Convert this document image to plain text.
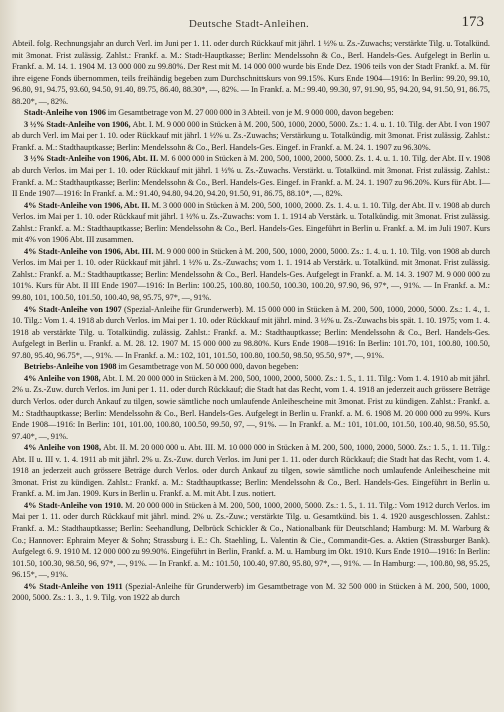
Deutsche Stadt-Anleihen.	173

Abteil. folg. Rechnungsjahr an durch Verl. im Juni per 1. 11. oder durch Rückkauf mit jährl. 1 ½% u. Zs.-Zuwachs; verstärkte Tilg. u. Totalkünd. mit 3monat. Frist zulässig. Zahlst.: Frankf. a. M.: Stadt-Hauptkasse; Berlin: Mendelssohn & Co., Berl. Handels-Ges. Aufgelegt in Berlin u. Frankf. a. M. 14. 1. 1904 M. 13 000 000 zu 99.80%. Der Rest mit M. 14 000 000 wurde bis Ende Dez. 1906 teils von der Stadt Frankf. a. M. für ihre eigene Fonds übernommen, teils freihändig begeben zum Durchschnittskurs von 99.15%. Kurs Ende 1904—1916: In Berlin: 99.20, 99.10, 96.80, 91, 94.75, 93.60, 94.50, 91.40, 89.75, 86.40, 88.30*, —, 82%. — In Frankf. a. M.: 99.40, 99.30, 97, 91.90, 95, 94.20, 94, 91.50, 91, 86.75, 88.20*, —, 82%.

Stadt-Anleihe von 1906 im Gesamtbetrage von M. 27 000 000 in 3 Abteil. von je M. 9 000 000, davon begeben:

3 ½% Stadt-Anleihe von 1906, Abt. I. M. 9 000 000 in Stücken à M. 200, 500, 1000, 2000, 5000. Zs.: 1. 4. u. 1. 10. Tilg. der Abt. I von 1907 ab durch Verl. im Mai per 1. 10. oder Rückkauf mit jährl. 1 ½% u. Zs.-Zuwachs; Verstärkung u. Totalkündig. mit 3monat. Frist zulässig. Zahlst.: Frankf. a. M.: Stadthauptkasse; Berlin: Mendelssohn & Co., Berl. Handels-Ges. Eingef. in Frankf. a. M. 24. 1. 1907 zu 96.30%.

3 ½% Stadt-Anleihe von 1906, Abt. II. M. 6 000 000 in Stücken à M. 200, 500, 1000, 2000, 5000. Zs. 1. 4. u. 1. 10. Tilg. der Abt. II v. 1908 ab durch Verlos. im Mai per 1. 10. oder Rückkauf mit jährl. 1 ½% u. Zs.-Zuwachs. Verstärkt. u. Totalkünd. mit 3monat. Frist zulässig. Zahlst.: Frankf. a. M.: Stadthauptkasse; Berlin: Mendelssohn & Co., Berl. Handels-Ges. Eingef. in Frankf. a. M. 24. 1. 1907 zu 96.20%. Kurs für Abt. I—II Ende 1907—1916: In Frankf. a. M.: 91.40, 94.80, 94.20, 94.20, 91.50, 91, 86.75, 88.10*, —, 82%.

4% Stadt-Anleihe von 1906, Abt. II. M. 3 000 000 in Stücken à M. 200, 500, 1000, 2000. Zs. 1. 4. u. 1. 10. Tilg. der Abt. II v. 1908 ab durch Verlos. im Mai per 1. 10. oder Rückkauf mit jährl. 1 ½% u. Zs.-Zuwachs: vom 1. 1. 1914 ab Verstärk. u. Totalkündig. mit 3monat. Frist zulässig. Zahlst.: Frankf. a. M.: Stadthauptkasse; Berlin: Mendelssohn & Co., Berl. Handels-Ges. Eingeführt in Berlin u. Frankf. a. M. im Juli 1907. Kurs mit 4% von 1906 Abt. III zusammen.

4% Stadt-Anleihe von 1906, Abt. III. M. 9 000 000 in Stücken à M. 200, 500, 1000, 2000, 5000. Zs.: 1. 4. u. 1. 10. Tilg. von 1908 ab durch Verlos. im Mai per 1. 10. oder Rückkauf mit jährl. 1 ½% u. Zs.-Zuwachs; vom 1. 1. 1914 ab Verstärk. u. Totalkünd. mit 3monat. Frist zulässig. Zahlst.: Frankf. a. M.: Stadthauptkasse; Berlin: Mendelssohn & Co., Berl. Handels-Ges. Aufgelegt in Frankf. a. M. 14. 3. 1907 M. 9 000 000 zu 101%. Kurs für Abt. II III Ende 1907—1916: In Berlin: 100.25, 100.80, 100.50, 100.30, 100.20, 97.90, 96, 97*, —, 91%. — In Frankf. a. M.: 99.80, 101, 100.50, 101.50, 100.40, 98, 95.75, 97*, —, 91%.

4% Stadt-Anleihe von 1907 (Spezial-Anleihe für Grunderwerb). M. 15 000 000 in Stücken à M. 200, 500, 1000, 2000, 5000. Zs.: 1. 4., 1. 10. Tilg.: Vom 1. 4. 1918 ab durch Verlos. im Mai per 1. 10. oder Rückkauf mit jährl. mind. 3 ½% u. Zs.-Zuwachs bis spät. 1. 10. 1975; vom 1. 4. 1918 ab verstärkte Tilg. u. Totalkündig. zulässig. Zahlst.: Frankf. a. M.: Stadthauptkasse; Berlin: Mendelssohn & Co., Berl. Handels-Ges. Aufgelegt in Berlin u. Frankf. a. M. 28. 12. 1907 M. 15 000 000 zu 98.80%. Kurs Ende 1908—1916: In Berlin: 101.70, 101, 100.80, 100.50, 97.80, 95.40, 96.75*, —, 91%. — In Frankf. a. M.: 102, 101, 101.50, 100.80, 100.50, 98.50, 95.50, 97*, —, 91%.

Betriebs-Anleihe von 1908 im Gesamtbetrage von M. 50 000 000, davon begeben:

4% Anleihe von 1908, Abt. I. M. 20 000 000 in Stücken à M. 200, 500, 1000, 2000, 5000. Zs.: 1. 5., 1. 11. Tilg.: Vom 1. 4. 1910 ab mit jährl. 2% u. Zs.-Zuw. durch Verlos. im Juni per 1. 11. oder durch Rückkauf; die Stadt hat das Recht, vom 1. 4. 1918 an jederzeit auch grössere Beträge durch Verlos. oder durch Ankauf zu tilgen, sowie sämtliche noch umlaufende Anleihescheine mit 3monat. Frist zu kündigen. Zahlst.: Frankf. a. M.: Stadthauptkasse; Berlin: Mendelssohn & Co., Berl. Handels-Ges. Aufgelegt in Berlin u. Frankf. a. M. 6. 1908 M. 20 000 000 zu 99%. Kurs Ende 1908—1916: In Berlin: 101, 101.00, 100.80, 100.50, 99.50, 97, —, 91%. — In Frankf. a. M.: 101, 101.00, 101.50, 100.40, 98.50, 95.50, 97.40*, —, 91%.

4% Anleihe von 1908, Abt. II. M. 20 000 000 u. Abt. III. M. 10 000 000 in Stücken à M. 200, 500, 1000, 2000, 5000. Zs.: 1. 5., 1. 11. Tilg.: Abt. II u. III v. 1. 4. 1911 ab mit jährl. 2% u. Zs.-Zuw. durch Verlos. im Juni per 1. 11. oder durch Rückkauf; die Stadt hat das Recht, vom 1. 4. 1918 an jederzeit auch grössere Beträge durch Verlos. oder durch Ankauf zu tilgen, sowie sämtliche noch umlaufende Anleihescheine mit 3monat. Frist zu kündigen. Zahlst.: Frankf. a. M.: Stadthauptkasse; Berlin: Mendelssohn & Co., Berl. Handels-Ges. Eingeführt in Berlin u. Frankf. a. M. im Jan. 1909. Kurs in Berlin u. Frankf. a. M. mit Abt. I zus. notiert.

4% Stadt-Anleihe von 1910. M. 20 000 000 in Stücken à M. 200, 500, 1000, 2000, 5000. Zs.: 1. 5., 1. 11. Tilg.: Vom 1912 durch Verlos. im Mai per 1. 11. oder durch Rückkauf mit jährl. mind. 2% u. Zs.-Zuw.; verstärkte Tilg. u. Gesamtkünd. bis 1. 4. 1920 ausgeschlossen. Zahlst.: Frankf. a. M.: Stadthauptkasse; Berlin: Seehandlung, Delbrück Schickler & Co., Nationalbank für Deutschland; Hamburg: M. M. Warburg & Co.; Hannover: Ephraim Meyer & Sohn; Strassburg i. E.: Ch. Staehling, L. Valentin & Cie., Commandit-Ges. a. Aktien (Strassburger Bank). Aufgelegt 6. 9. 1910 M. 12 000 000 zu 99.90%. Eingeführt in Berlin, Frankf. a. M. u. Hamburg im Okt. 1910. Kurs Ende 1910—1916: In Berlin: 101.50, 100.30, 98.50, 96, 97*, —, 91%. — In Frankf. a. M.: 101.50, 100.40, 97.80, 95.80, 97*, —, 91%. — In Hamburg: —, 100.80, 98, 95.25, 96.15*, —, 91%.

4% Stadt-Anleihe von 1911 (Spezial-Anleihe für Grunderwerb) im Gesamtbetrage von M. 32 500 000 in Stücken à M. 200, 500, 1000, 2000, 5000. Zs.: 1. 3., 1. 9. Tilg. von 1922 ab durch
